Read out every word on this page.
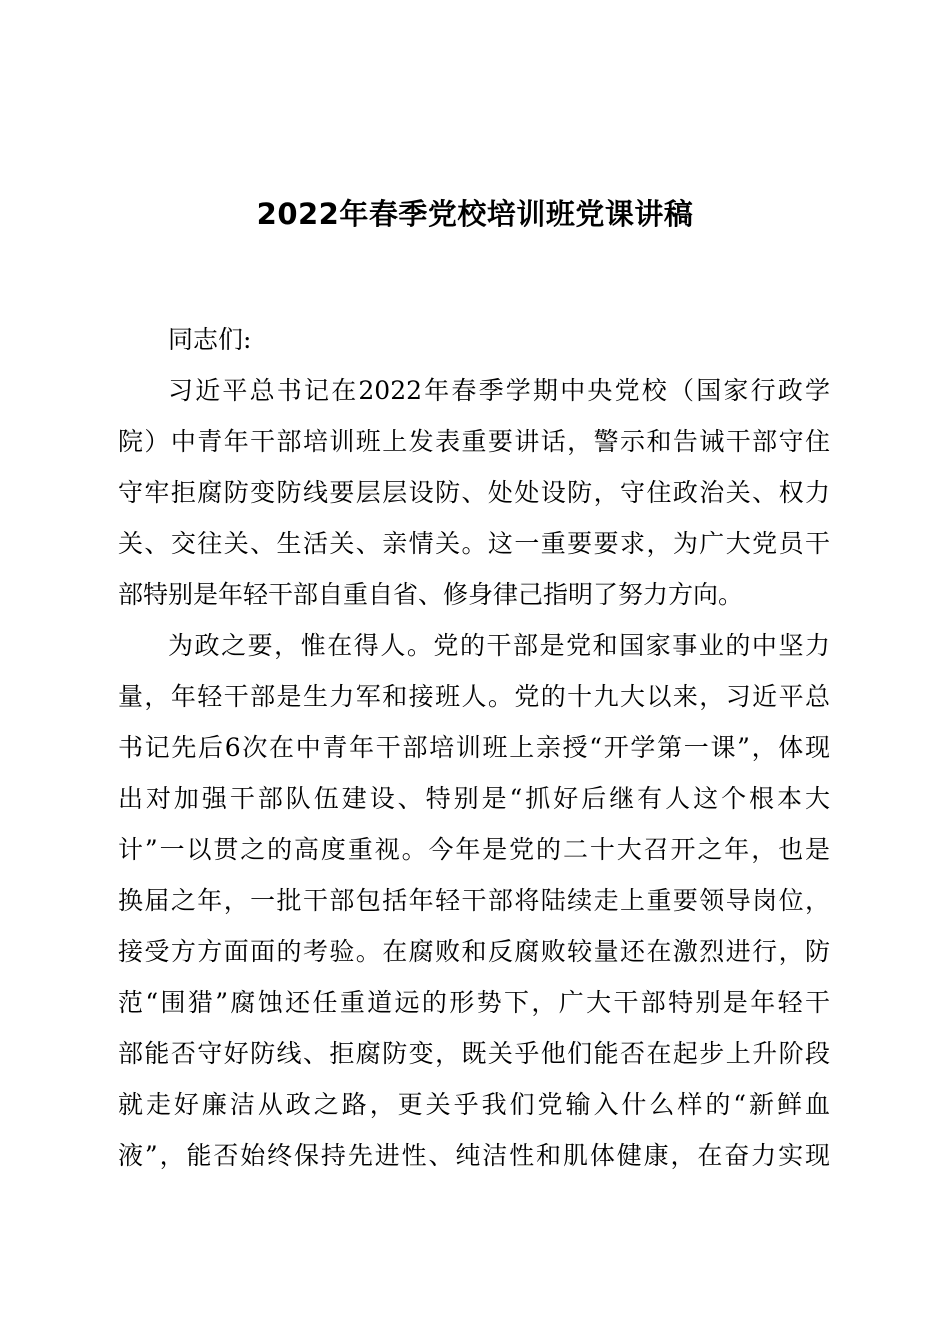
2022年春季党校培训班党课讲稿
同志们:
习近平总书记在2022年春季学期中央党校（国家行政学
院）中青年干部培训班上发表重要讲话，警示和告诫干部守住
守牢拒腐防变防线要层层设防、处处设防，守住政治关、权力
关、交往关、生活关、亲情关。这一重要要求，为广大党员干
部特别是年轻干部自重自省、修身律己指明了努力方向。
为政之要，惟在得人。党的干部是党和国家事业的中坚力
量，年轻干部是生力军和接班人。党的十九大以来，习近平总
书记先后6次在中青年干部培训班上亲授“开学第一课”，体现
出对加强干部队伍建设、特别是“抓好后继有人这个根本大
计”一以贯之的高度重视。今年是党的二十大召开之年，也是
换届之年，一批干部包括年轻干部将陆续走上重要领导岗位，
接受方方面面的考验。在腐败和反腐败较量还在激烈进行，防
范“围猎”腐蚀还任重道远的形势下，广大干部特别是年轻干
部能否守好防线、拒腐防变，既关乎他们能否在起步上升阶段
就走好廉洁从政之路，更关乎我们党输入什么样的“新鲜血
液”，能否始终保持先进性、纯洁性和肌体健康，在奋力实现
